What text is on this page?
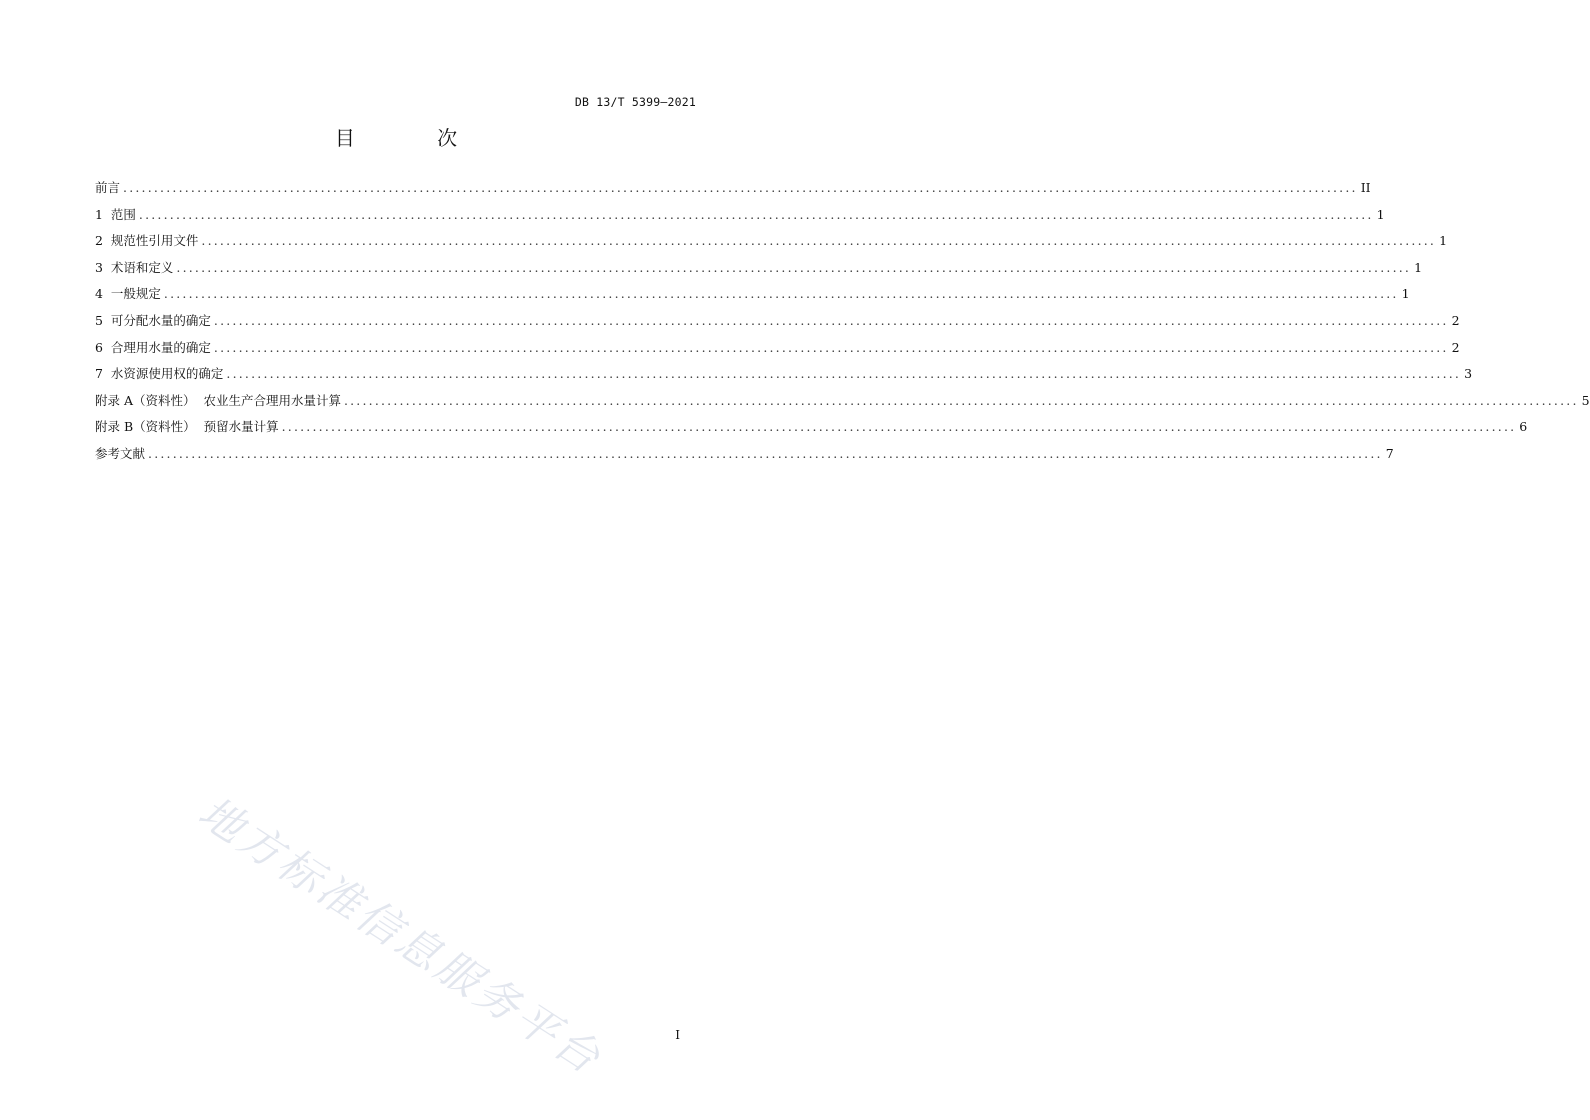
DB 13/T 5399—2021
目 次
前言 ........................................................................................................................................................................................................ II
1  范围 ........................................................................................................................................................................................................ 1
2  规范性引用文件 ........................................................................................................................................................................................................ 1
3  术语和定义 ........................................................................................................................................................................................................ 1
4  一般规定 ........................................................................................................................................................................................................ 1
5  可分配水量的确定 ........................................................................................................................................................................................................ 2
6  合理用水量的确定 ........................................................................................................................................................................................................ 2
7  水资源使用权的确定 ........................................................................................................................................................................................................ 3
附录 A（资料性）  农业生产合理用水量计算 ........................................................................................................................................................................................................ 5
附录 B（资料性）  预留水量计算 ........................................................................................................................................................................................................ 6
参考文献 ........................................................................................................................................................................................................ 7
地方标准信息服务平台	I
